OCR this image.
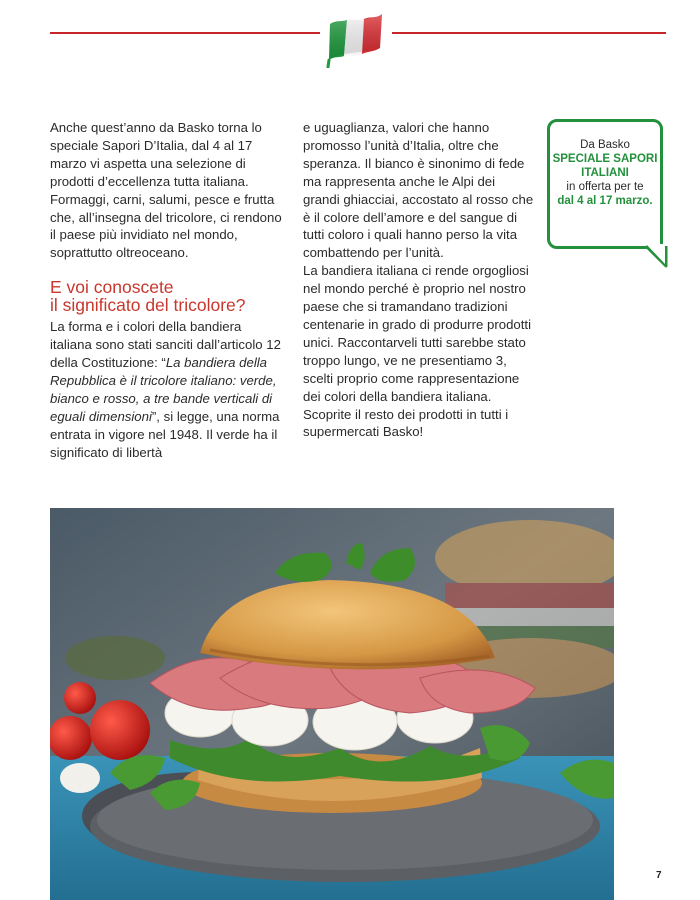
Anche quest’anno da Basko torna lo speciale Sapori D’Italia, dal 4 al 17 marzo vi aspetta una selezione di prodotti d’eccellenza tutta italiana. Formaggi, carni, salumi, pesce e frutta che, all’insegna del tricolore, ci rendono il paese più invidiato nel mondo, soprattutto oltreoceano.

E voi conoscete
il significato del tricolore?

La forma e i colori della bandiera italiana sono stati sanciti dall’articolo 12 della Costituzione: “La bandiera della Repubblica è il tricolore italiano: verde, bianco e rosso, a tre bande verticali di eguali dimensioni”, si legge, una norma entrata in vigore nel 1948. Il verde ha il significato di libertà

e uguaglianza, valori che hanno promosso l’unità d’Italia, oltre che speranza. Il bianco è sinonimo di fede ma rappresenta anche le Alpi dei grandi ghiacciai, accostato al rosso che è il colore dell’amore e del sangue di tutti coloro i quali hanno perso la vita combattendo per l’unità.

La bandiera italiana ci rende orgogliosi nel mondo perché è proprio nel nostro paese che si tramandano tradizioni centenarie in grado di produrre prodotti unici. Raccontarveli tutti sarebbe stato troppo lungo, ve ne presentiamo 3, scelti proprio come rappresentazione dei colori della bandiera italiana. Scoprite il resto dei prodotti in tutti i supermercati Basko!

Da Basko
SPECIALE SAPORI ITALIANI
in offerta per te
dal 4 al 17 marzo.
7
